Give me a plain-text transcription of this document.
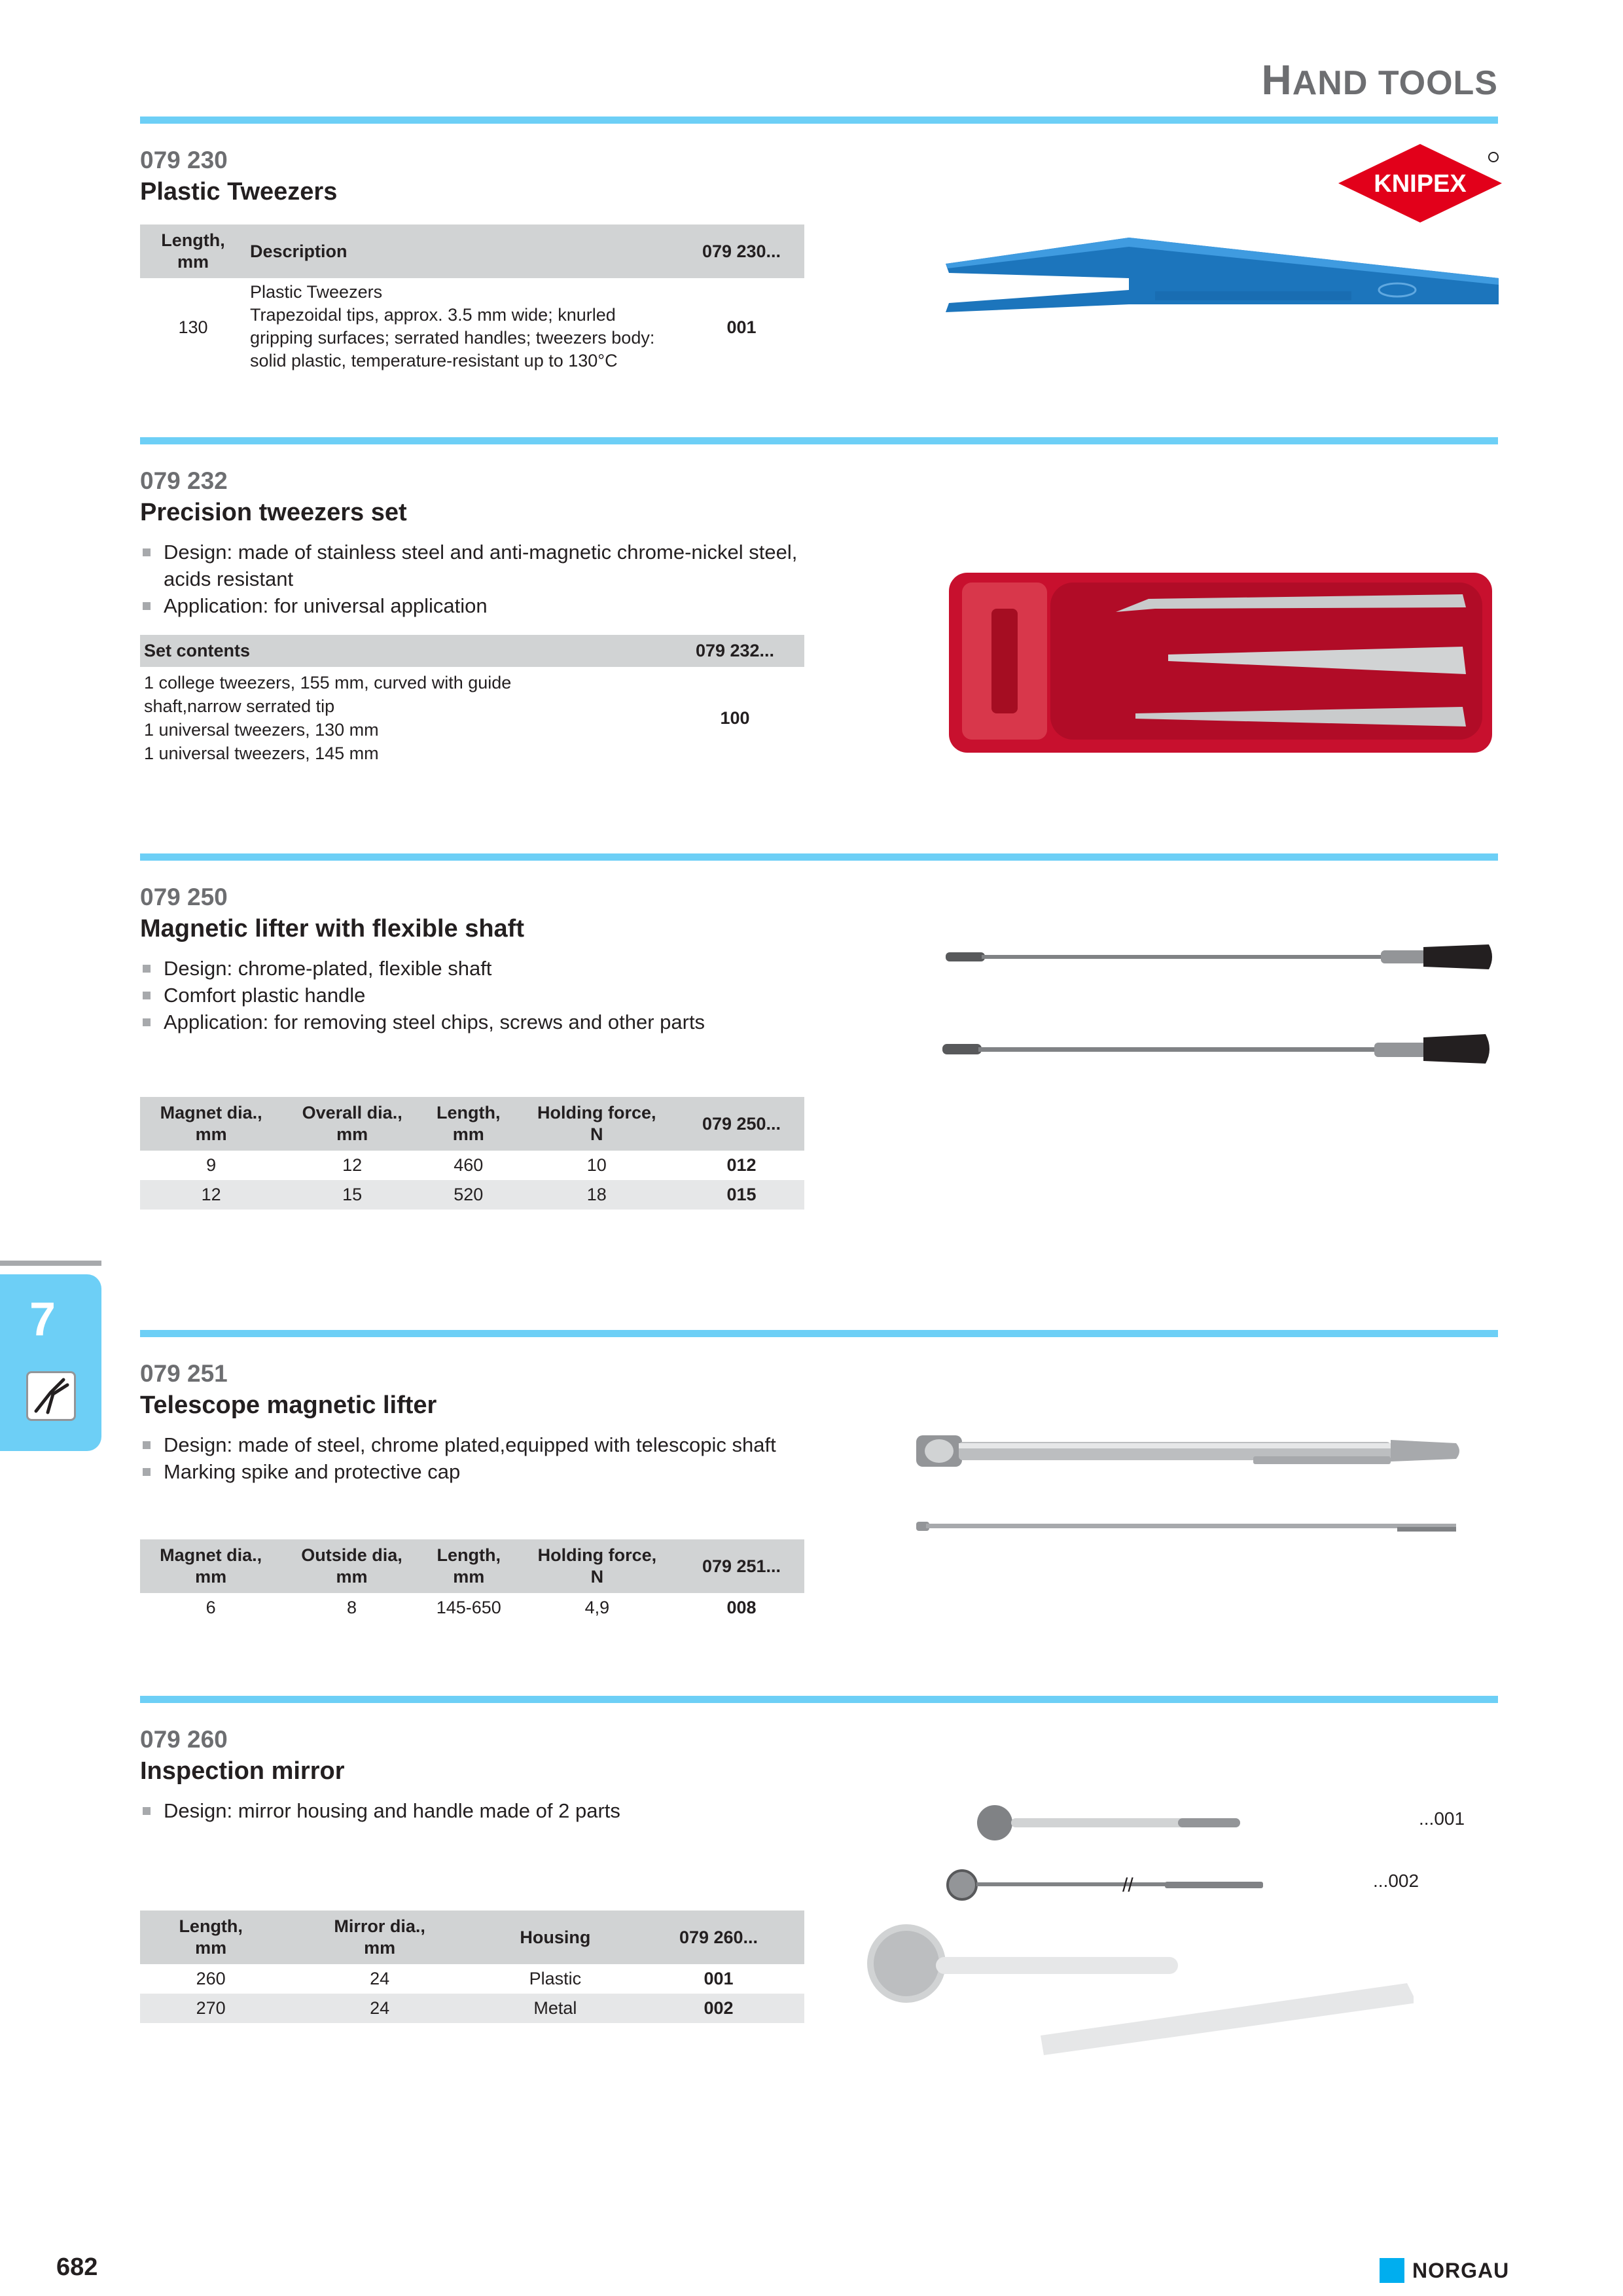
HAND TOOLS
079 230
Plastic Tweezers
Length,
mm	Description	079 230...
130	Plastic Tweezers
Trapezoidal tips, approx. 3.5 mm wide; knurled gripping surfaces; serrated handles; tweezers body: solid plastic, temperature-resistant up to 130°C	001
KNIPEX
079 232
Precision tweezers set
Design: made of stainless steel and anti-magnetic chrome-nickel steel, acids resistant
Application: for universal application
Set contents	079 232...
1 college tweezers, 155 mm, curved with guide shaft,narrow serrated tip
1 universal tweezers, 130 mm
1 universal tweezers, 145 mm	100
079 250
Magnetic lifter with flexible shaft
Design: chrome-plated, flexible shaft
Comfort plastic handle
Application: for removing steel chips, screws and other parts
Magnet dia.,
mm	Overall dia.,
mm	Length,
mm	Holding force,
N	079 250...
9	12	460	10	012
12	15	520	18	015
7
079 251
Telescope magnetic lifter
Design: made of steel, chrome plated,equipped with telescopic shaft
Marking spike and protective cap
Magnet dia.,
mm	Outside dia,
mm	Length,
mm	Holding force,
N	079 251...
6	8	145-650	4,9	008
079 260
Inspection mirror
Design: mirror housing and handle made of 2 parts
Length,
mm	Mirror dia.,
mm	Housing	079 260...
260	24	Plastic	001
270	24	Metal	002
//
...001
...002
682	NORGAU
